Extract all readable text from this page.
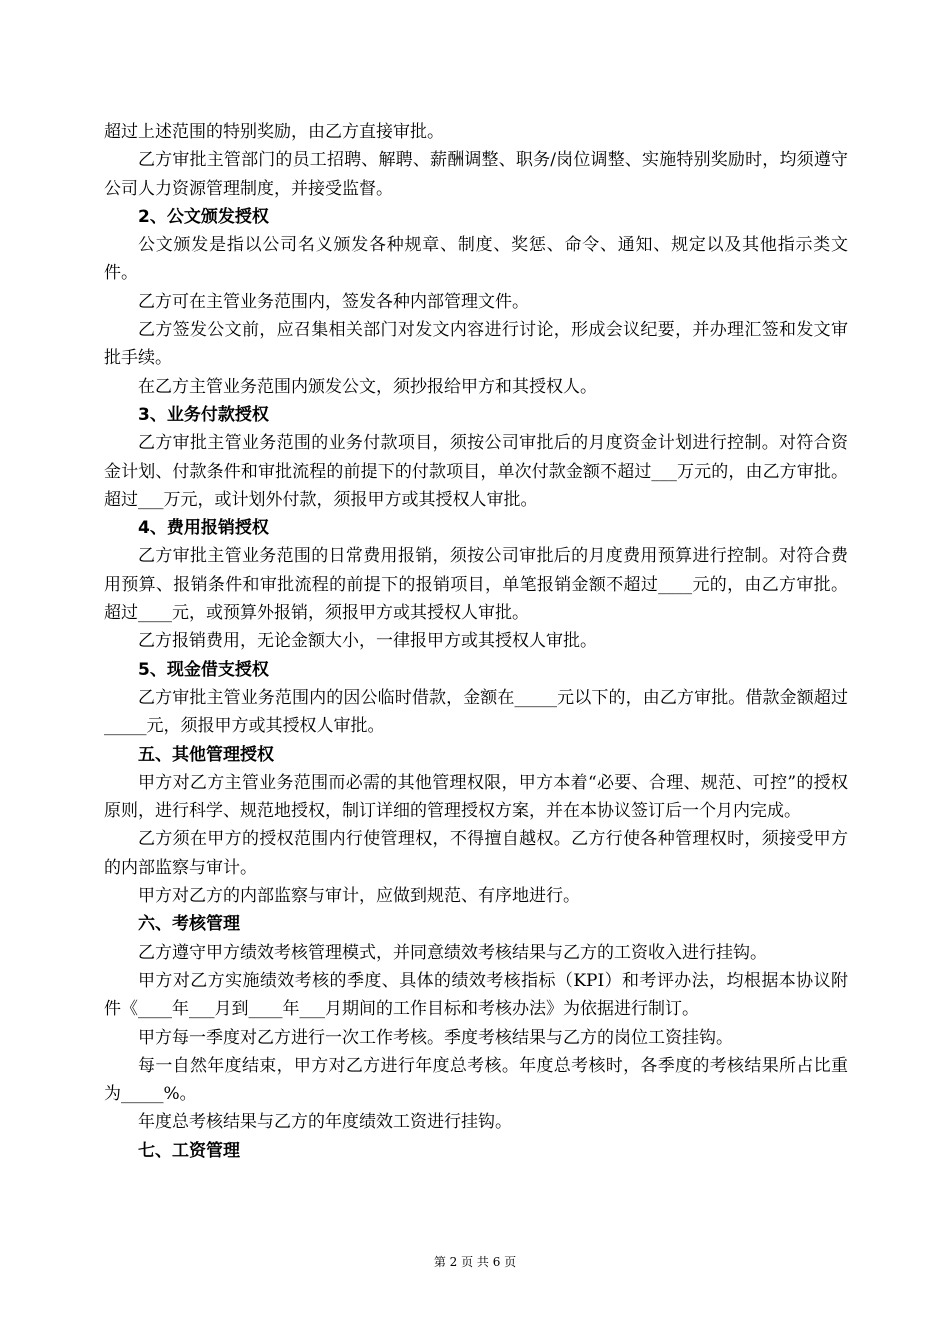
超过上述范围的特别奖励，由乙方直接审批。

乙方审批主管部门的员工招聘、解聘、薪酬调整、职务/岗位调整、实施特别奖励时，均须遵守公司人力资源管理制度，并接受监督。

2、公文颁发授权

公文颁发是指以公司名义颁发各种规章、制度、奖惩、命令、通知、规定以及其他指示类文件。

乙方可在主管业务范围内，签发各种内部管理文件。

乙方签发公文前，应召集相关部门对发文内容进行讨论，形成会议纪要，并办理汇签和发文审批手续。

在乙方主管业务范围内颁发公文，须抄报给甲方和其授权人。

3、业务付款授权

乙方审批主管业务范围的业务付款项目，须按公司审批后的月度资金计划进行控制。对符合资金计划、付款条件和审批流程的前提下的付款项目，单次付款金额不超过___万元的，由乙方审批。超过___万元，或计划外付款，须报甲方或其授权人审批。

4、费用报销授权

乙方审批主管业务范围的日常费用报销，须按公司审批后的月度费用预算进行控制。对符合费用预算、报销条件和审批流程的前提下的报销项目，单笔报销金额不超过____元的，由乙方审批。超过____元，或预算外报销，须报甲方或其授权人审批。

乙方报销费用，无论金额大小，一律报甲方或其授权人审批。

5、现金借支授权

乙方审批主管业务范围内的因公临时借款，金额在_____元以下的，由乙方审批。借款金额超过_____元，须报甲方或其授权人审批。

五、其他管理授权

甲方对乙方主管业务范围而必需的其他管理权限，甲方本着“必要、合理、规范、可控”的授权原则，进行科学、规范地授权，制订详细的管理授权方案，并在本协议签订后一个月内完成。

乙方须在甲方的授权范围内行使管理权，不得擅自越权。乙方行使各种管理权时，须接受甲方的内部监察与审计。

甲方对乙方的内部监察与审计，应做到规范、有序地进行。

六、考核管理

乙方遵守甲方绩效考核管理模式，并同意绩效考核结果与乙方的工资收入进行挂钩。

甲方对乙方实施绩效考核的季度、具体的绩效考核指标（KPI）和考评办法，均根据本协议附件《____年___月到____年___月期间的工作目标和考核办法》为依据进行制订。

甲方每一季度对乙方进行一次工作考核。季度考核结果与乙方的岗位工资挂钩。

每一自然年度结束，甲方对乙方进行年度总考核。年度总考核时，各季度的考核结果所占比重为_____%。

年度总考核结果与乙方的年度绩效工资进行挂钩。

七、工资管理
第 2 页 共 6 页
